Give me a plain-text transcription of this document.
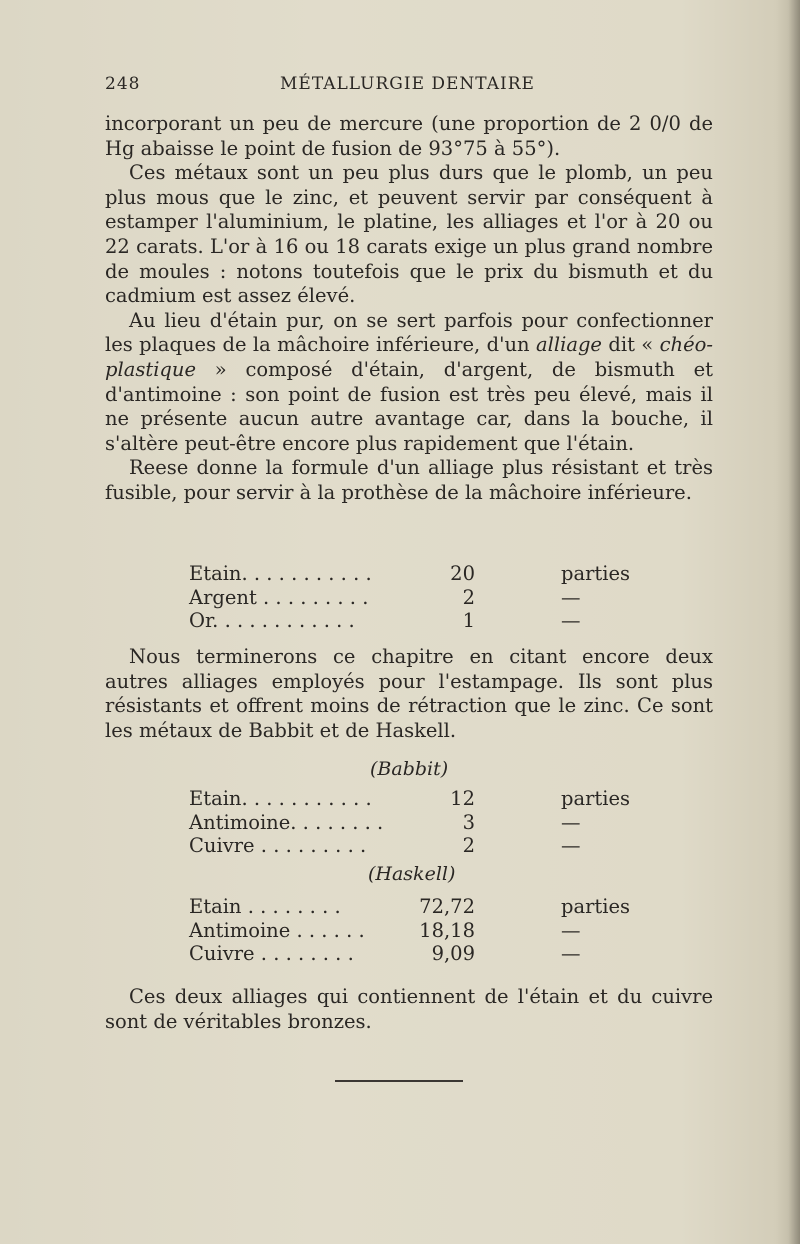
248	MÉTALLURGIE DENTAIRE

incorporant un peu de mercure (une proportion de 2 0/0 de Hg abaisse le point de fusion de 93°75 à 55°).

Ces métaux sont un peu plus durs que le plomb, un peu plus mous que le zinc, et peuvent servir par conséquent à estamper l'aluminium, le platine, les alliages et l'or à 20 ou 22 carats. L'or à 16 ou 18 carats exige un plus grand nombre de moules : notons toutefois que le prix du bismuth et du cadmium est assez élevé.

Au lieu d'étain pur, on se sert parfois pour confectionner les plaques de la mâchoire inférieure, d'un alliage dit « chéo-plastique » composé d'étain, d'argent, de bismuth et d'antimoine : son point de fusion est très peu élevé, mais il ne présente aucun autre avantage car, dans la bouche, il s'altère peut-être encore plus rapidement que l'étain.

Reese donne la formule d'un alliage plus résistant et très fusible, pour servir à la prothèse de la mâchoire inférieure.

Etain. . . . . . . . . . .	20	parties
Argent . . . . . . . . .	2	—
Or. . . . . . . . . . . .	1	—

Nous terminerons ce chapitre en citant encore deux autres alliages employés pour l'estampage. Ils sont plus résistants et offrent moins de rétraction que le zinc. Ce sont les métaux de Babbit et de Haskell.

(Babbit)
Etain. . . . . . . . . . .	12	parties
Antimoine. . . . . . . .	3	—
Cuivre . . . . . . . . .	2	—
(Haskell)
Etain . . . . . . . .	72,72	parties
Antimoine . . . . . .	18,18	—
Cuivre . . . . . . . .	9,09	—

Ces deux alliages qui contiennent de l'étain et du cuivre sont de véritables bronzes.
